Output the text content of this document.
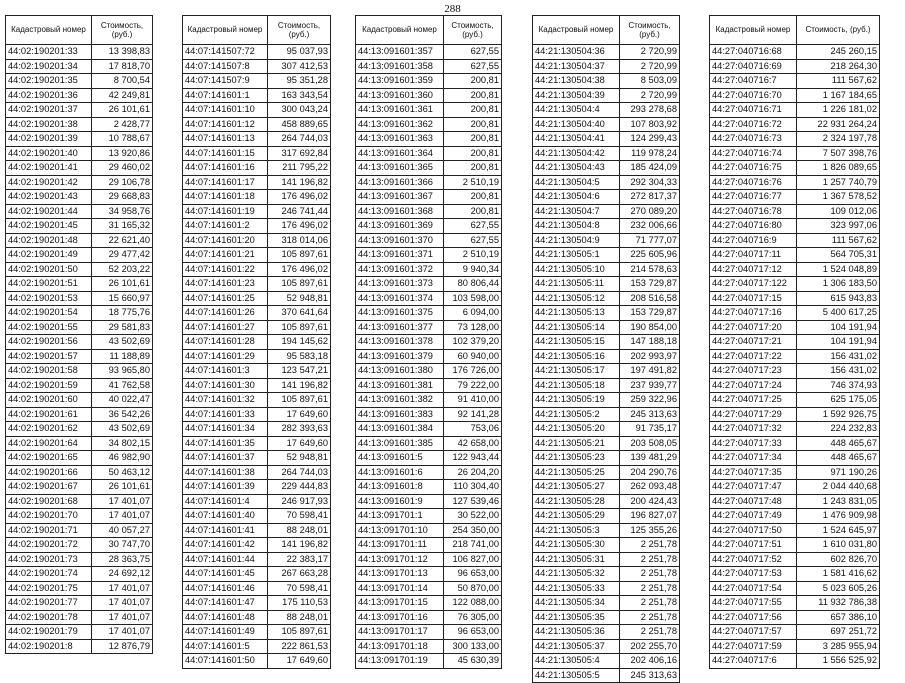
288
Кадастровый номер	Стоимость, (руб.)
44:02:190201:33	13 398,83
44:02:190201:34	17 818,70
44:02:190201:35	8 700,54
44:02:190201:36	42 249,81
44:02:190201:37	26 101,61
44:02:190201:38	2 428,77
44:02:190201:39	10 788,67
44:02:190201:40	13 920,86
44:02:190201:41	29 460,02
44:02:190201:42	29 106,78
44:02:190201:43	29 668,83
44:02:190201:44	34 958,76
44:02:190201:45	31 165,32
44:02:190201:48	22 621,40
44:02:190201:49	29 477,42
44:02:190201:50	52 203,22
44:02:190201:51	26 101,61
44:02:190201:53	15 660,97
44:02:190201:54	18 775,76
44:02:190201:55	29 581,83
44:02:190201:56	43 502,69
44:02:190201:57	11 188,89
44:02:190201:58	93 965,80
44:02:190201:59	41 762,58
44:02:190201:60	40 022,47
44:02:190201:61	36 542,26
44:02:190201:62	43 502,69
44:02:190201:64	34 802,15
44:02:190201:65	46 982,90
44:02:190201:66	50 463,12
44:02:190201:67	26 101,61
44:02:190201:68	17 401,07
44:02:190201:70	17 401,07
44:02:190201:71	40 057,27
44:02:190201:72	30 747,70
44:02:190201:73	28 363,75
44:02:190201:74	24 692,12
44:02:190201:75	17 401,07
44:02:190201:77	17 401,07
44:02:190201:78	17 401,07
44:02:190201:79	17 401,07
44:02:190201:8	12 876,79
Кадастровый номер	Стоимость, (руб.)
44:07:141507:72	95 037,93
44:07:141507:8	307 412,53
44:07:141507:9	95 351,28
44:07:141601:1	163 343,54
44:07:141601:10	300 043,24
44:07:141601:12	458 889,65
44:07:141601:13	264 744,03
44:07:141601:15	317 692,84
44:07:141601:16	211 795,22
44:07:141601:17	141 196,82
44:07:141601:18	176 496,02
44:07:141601:19	246 741,44
44:07:141601:2	176 496,02
44:07:141601:20	318 014,06
44:07:141601:21	105 897,61
44:07:141601:22	176 496,02
44:07:141601:23	105 897,61
44:07:141601:25	52 948,81
44:07:141601:26	370 641,64
44:07:141601:27	105 897,61
44:07:141601:28	194 145,62
44:07:141601:29	95 583,18
44:07:141601:3	123 547,21
44:07:141601:30	141 196,82
44:07:141601:32	105 897,61
44:07:141601:33	17 649,60
44:07:141601:34	282 393,63
44:07:141601:35	17 649,60
44:07:141601:37	52 948,81
44:07:141601:38	264 744,03
44:07:141601:39	229 444,83
44:07:141601:4	246 917,93
44:07:141601:40	70 598,41
44:07:141601:41	88 248,01
44:07:141601:42	141 196,82
44:07:141601:44	22 383,17
44:07:141601:45	267 663,28
44:07:141601:46	70 598,41
44:07:141601:47	175 110,53
44:07:141601:48	88 248,01
44:07:141601:49	105 897,61
44:07:141601:5	222 861,53
44:07:141601:50	17 649,60
Кадастровый номер	Стоимость, (руб.)
44:13:091601:357	627,55
44:13:091601:358	627,55
44:13:091601:359	200,81
44:13:091601:360	200,81
44:13:091601:361	200,81
44:13:091601:362	200,81
44:13:091601:363	200,81
44:13:091601:364	200,81
44:13:091601:365	200,81
44:13:091601:366	2 510,19
44:13:091601:367	200,81
44:13:091601:368	200,81
44:13:091601:369	627,55
44:13:091601:370	627,55
44:13:091601:371	2 510,19
44:13:091601:372	9 940,34
44:13:091601:373	80 806,44
44:13:091601:374	103 598,00
44:13:091601:375	6 094,00
44:13:091601:377	73 128,00
44:13:091601:378	102 379,20
44:13:091601:379	60 940,00
44:13:091601:380	176 726,00
44:13:091601:381	79 222,00
44:13:091601:382	91 410,00
44:13:091601:383	92 141,28
44:13:091601:384	753,06
44:13:091601:385	42 658,00
44:13:091601:5	122 943,44
44:13:091601:6	26 204,20
44:13:091601:8	110 304,40
44:13:091601:9	127 539,46
44:13:091701:1	30 522,00
44:13:091701:10	254 350,00
44:13:091701:11	218 741,00
44:13:091701:12	106 827,00
44:13:091701:13	96 653,00
44:13:091701:14	50 870,00
44:13:091701:15	122 088,00
44:13:091701:16	76 305,00
44:13:091701:17	96 653,00
44:13:091701:18	300 133,00
44:13:091701:19	45 630,39
Кадастровый номер	Стоимость, (руб.)
44:21:130504:36	2 720,99
44:21:130504:37	2 720,99
44:21:130504:38	8 503,09
44:21:130504:39	2 720,99
44:21:130504:4	293 278,68
44:21:130504:40	107 803,92
44:21:130504:41	124 299,43
44:21:130504:42	119 978,24
44:21:130504:43	185 424,09
44:21:130504:5	292 304,33
44:21:130504:6	272 817,37
44:21:130504:7	270 089,20
44:21:130504:8	232 006,66
44:21:130504:9	71 777,07
44:21:130505:1	225 605,96
44:21:130505:10	214 578,63
44:21:130505:11	153 729,87
44:21:130505:12	208 516,58
44:21:130505:13	153 729,87
44:21:130505:14	190 854,00
44:21:130505:15	147 188,18
44:21:130505:16	202 993,97
44:21:130505:17	197 491,82
44:21:130505:18	237 939,77
44:21:130505:19	259 322,96
44:21:130505:2	245 313,63
44:21:130505:20	91 735,17
44:21:130505:21	203 508,05
44:21:130505:23	139 481,29
44:21:130505:25	204 290,76
44:21:130505:27	262 093,48
44:21:130505:28	200 424,43
44:21:130505:29	196 827,07
44:21:130505:3	125 355,26
44:21:130505:30	2 251,78
44:21:130505:31	2 251,78
44:21:130505:32	2 251,78
44:21:130505:33	2 251,78
44:21:130505:34	2 251,78
44:21:130505:35	2 251,78
44:21:130505:36	2 251,78
44:21:130505:37	202 255,70
44:21:130505:4	202 406,16
44:21:130505:5	245 313,63
Кадастровый номер	Стоимость, (руб.)
44:27:040716:68	245 260,15
44:27:040716:69	218 264,30
44:27:040716:7	111 567,62
44:27:040716:70	1 167 184,65
44:27:040716:71	1 226 181,02
44:27:040716:72	22 931 264,24
44:27:040716:73	2 324 197,78
44:27:040716:74	7 507 398,76
44:27:040716:75	1 826 089,65
44:27:040716:76	1 257 740,79
44:27:040716:77	1 367 578,52
44:27:040716:78	109 012,06
44:27:040716:80	323 997,06
44:27:040716:9	111 567,62
44:27:040717:11	564 705,31
44:27:040717:12	1 524 048,89
44:27:040717:122	1 306 183,50
44:27:040717:15	615 943,83
44:27:040717:16	5 400 617,25
44:27:040717:20	104 191,94
44:27:040717:21	104 191,94
44:27:040717:22	156 431,02
44:27:040717:23	156 431,02
44:27:040717:24	746 374,93
44:27:040717:25	625 175,05
44:27:040717:29	1 592 926,75
44:27:040717:32	224 232,83
44:27:040717:33	448 465,67
44:27:040717:34	448 465,67
44:27:040717:35	971 190,26
44:27:040717:47	2 044 440,68
44:27:040717:48	1 243 831,05
44:27:040717:49	1 476 909,98
44:27:040717:50	1 524 645,97
44:27:040717:51	1 610 031,80
44:27:040717:52	602 826,70
44:27:040717:53	1 581 416,62
44:27:040717:54	5 023 605,26
44:27:040717:55	11 932 786,38
44:27:040717:56	657 386,10
44:27:040717:57	697 251,72
44:27:040717:59	3 285 955,94
44:27:040717:6	1 556 525,92
